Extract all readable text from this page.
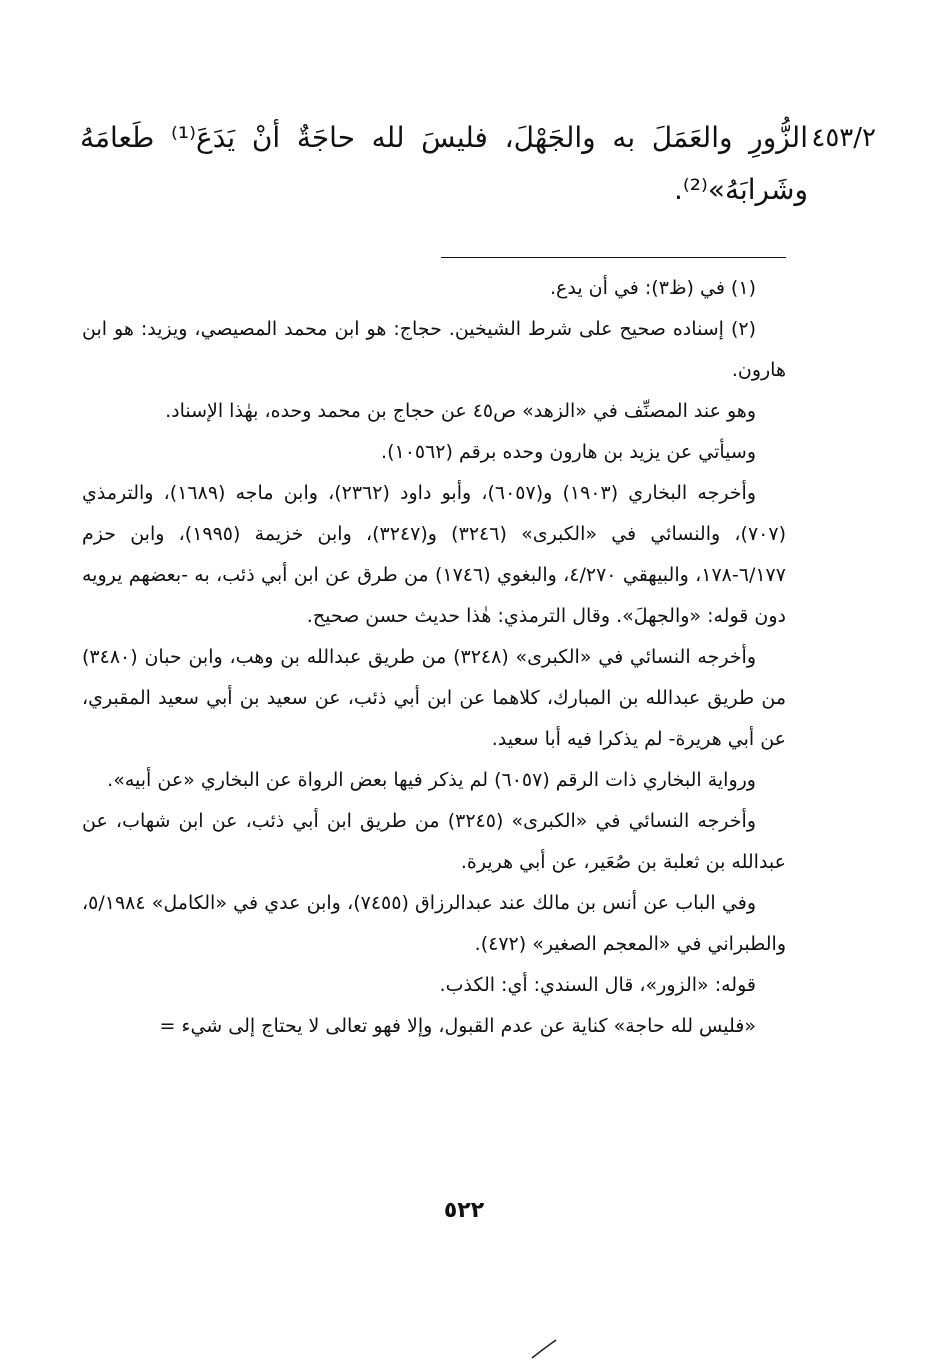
٤٥٣/٢
الزُّورِ والعَمَلَ به والجَهْلَ، فليسَ لله حاجَةٌ أنْ يَدَعَ⁽¹⁾ طَعامَهُ وشَرابَهُ»⁽²⁾.

(١) في (ظ٣): في أن يدع.

(٢) إسناده صحيح على شرط الشيخين. حجاج: هو ابن محمد المصيصي، ويزيد: هو ابن هارون.

وهو عند المصنِّف في «الزهد» ص٤٥ عن حجاج بن محمد وحده، بهٰذا الإسناد.

وسيأتي عن يزيد بن هارون وحده برقم (١٠٥٦٢).

وأخرجه البخاري (١٩٠٣) و(٦٠٥٧)، وأبو داود (٢٣٦٢)، وابن ماجه (١٦٨٩)، والترمذي (٧٠٧)، والنسائي في «الكبرى» (٣٢٤٦) و(٣٢٤٧)، وابن خزيمة (١٩٩٥)، وابن حزم ٦/١٧٧-١٧٨، والبيهقي ٤/٢٧٠، والبغوي (١٧٤٦) من طرق عن ابن أبي ذئب، به -بعضهم يرويه دون قوله: «والجهلَ». وقال الترمذي: هٰذا حديث حسن صحيح.

وأخرجه النسائي في «الكبرى» (٣٢٤٨) من طريق عبدالله بن وهب، وابن حبان (٣٤٨٠) من طريق عبدالله بن المبارك، كلاهما عن ابن أبي ذئب، عن سعيد بن أبي سعيد المقبري، عن أبي هريرة- لم يذكرا فيه أبا سعيد.

ورواية البخاري ذات الرقم (٦٠٥٧) لم يذكر فيها بعض الرواة عن البخاري «عن أبيه».

وأخرجه النسائي في «الكبرى» (٣٢٤٥) من طريق ابن أبي ذئب، عن ابن شهاب، عن عبدالله بن ثعلبة بن صُعَير، عن أبي هريرة.

وفي الباب عن أنس بن مالك عند عبدالرزاق (٧٤٥٥)، وابن عدي في «الكامل» ٥/١٩٨٤، والطبراني في «المعجم الصغير» (٤٧٢).

قوله: «الزور»، قال السندي: أي: الكذب.

«فليس لله حاجة» كناية عن عدم القبول، وإلا فهو تعالى لا يحتاج إلى شيء =

٥٢٢
